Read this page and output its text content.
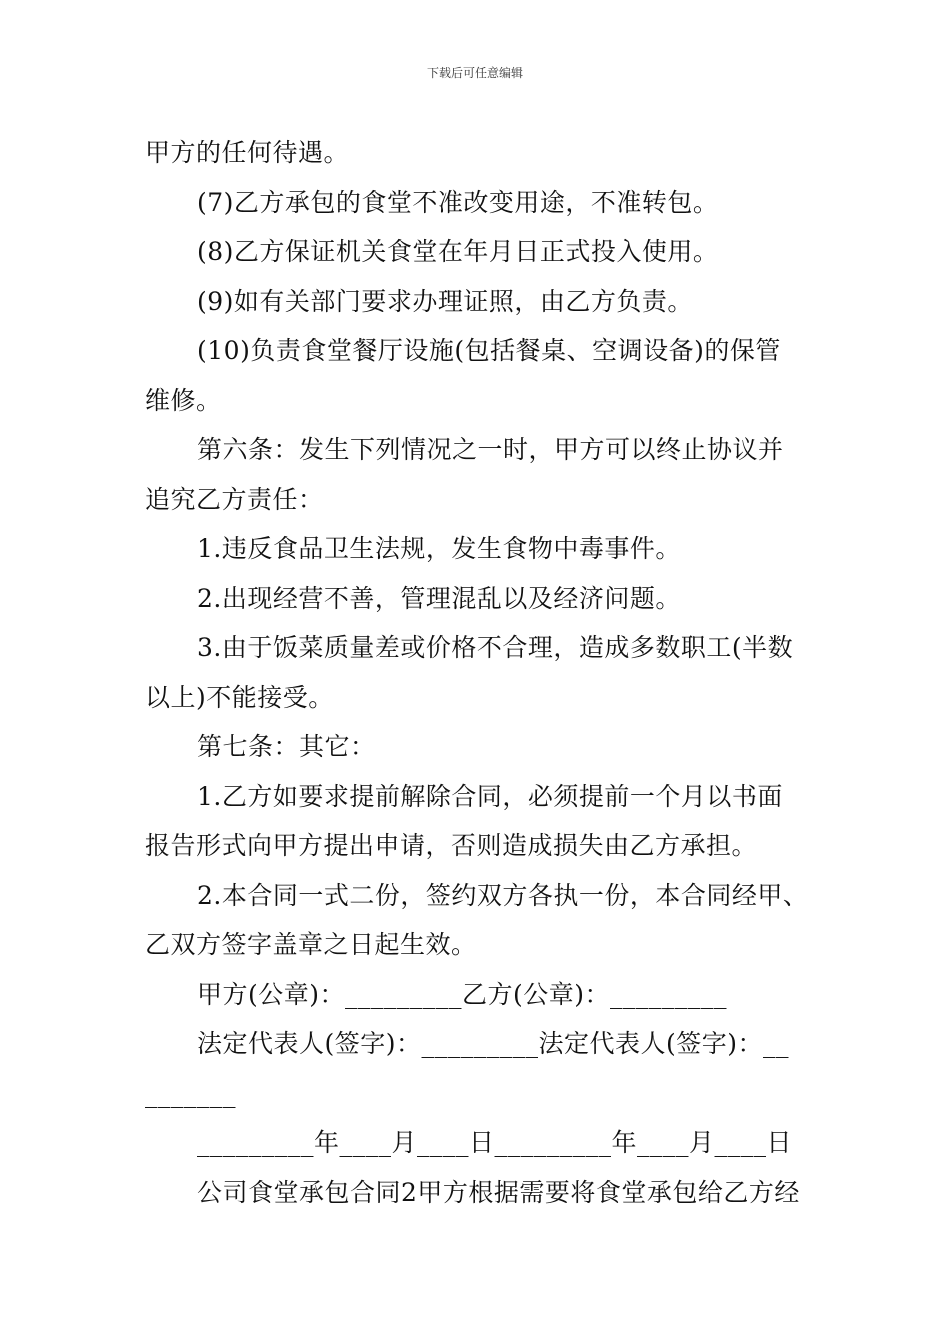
下载后可任意编辑
甲方的任何待遇。
(7)乙方承包的食堂不准改变用途，不准转包。
(8)乙方保证机关食堂在年月日正式投入使用。
(9)如有关部门要求办理证照，由乙方负责。
(10)负责食堂餐厅设施(包括餐桌、空调设备)的保管
维修。
第六条：发生下列情况之一时，甲方可以终止协议并
追究乙方责任：
1.违反食品卫生法规，发生食物中毒事件。
2.出现经营不善，管理混乱以及经济问题。
3.由于饭菜质量差或价格不合理，造成多数职工(半数
以上)不能接受。
第七条：其它：
1.乙方如要求提前解除合同，必须提前一个月以书面
报告形式向甲方提出申请，否则造成损失由乙方承担。
2.本合同一式二份，签约双方各执一份，本合同经甲、
乙双方签字盖章之日起生效。
甲方(公章)：_________乙方(公章)：_________
法定代表人(签字)：_________法定代表人(签字)：__
_______
_________年____月____日_________年____月____日
公司食堂承包合同2甲方根据需要将食堂承包给乙方经
